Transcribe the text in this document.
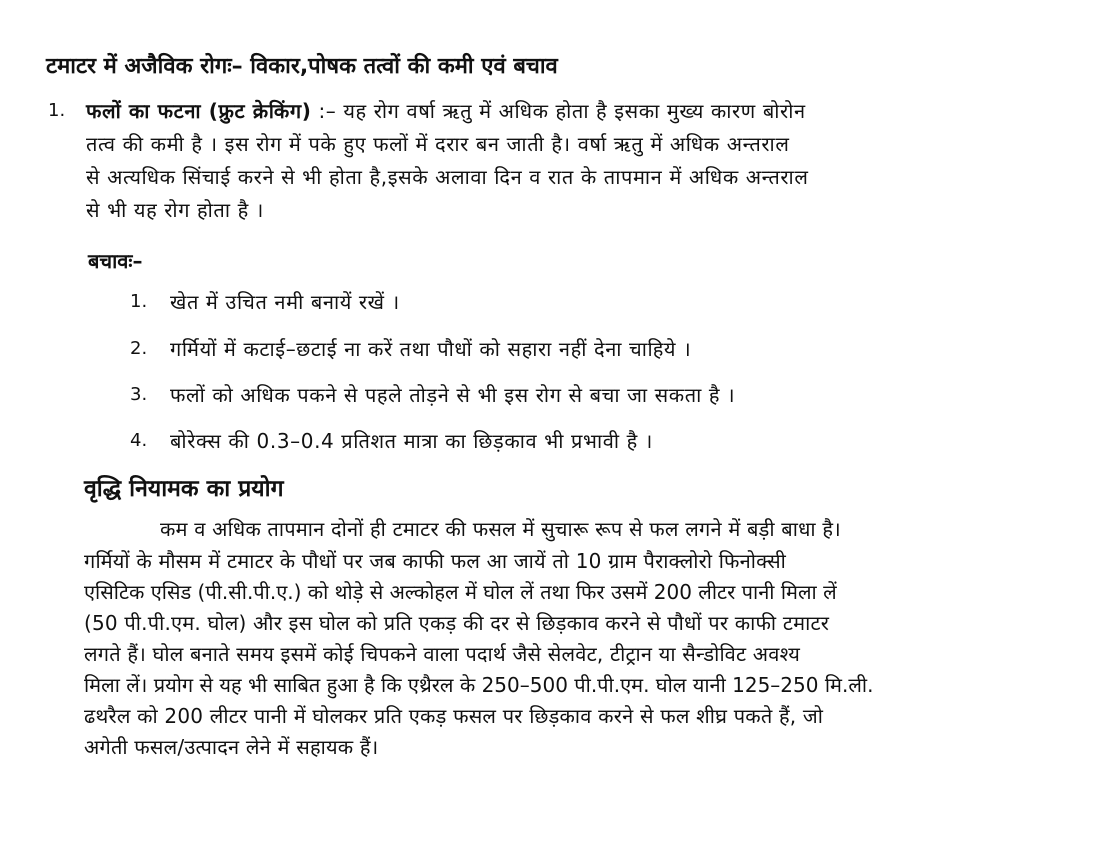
टमाटर में अजैविक रोगः– विकार,पोषक तत्वों की कमी एवं बचाव
1. फलों का फटना (फ्रुट क्रेकिंग) :– यह रोग वर्षा ऋतु में अधिक होता है इसका मुख्य कारण बोरोन
तत्व की कमी है । इस रोग में पके हुए फलों में दरार बन जाती है। वर्षा ऋतु में अधिक अन्तराल
से अत्यधिक सिंचाई करने से भी होता है,इसके अलावा दिन व रात के तापमान में अधिक अन्तराल
से भी यह रोग होता है ।
बचावः–
1. खेत में उचित नमी बनायें रखें ।
2. गर्मियों में कटाई–छटाई ना करें तथा पौधों को सहारा नहीं देना चाहिये ।
3. फलों को अधिक पकने से पहले तोड़ने से भी इस रोग से बचा जा सकता है ।
4. बोरेक्स की 0.3–0.4 प्रतिशत मात्रा का छिड़काव भी प्रभावी है ।
वृद्धि नियामक का प्रयोग
कम व अधिक तापमान दोनों ही टमाटर की फसल में सुचारू रूप से फल लगने में बड़ी बाधा है।
गर्मियों के मौसम में टमाटर के पौधों पर जब काफी फल आ जायें तो 10 ग्राम पैराक्लोरो फिनोक्सी
एसिटिक एसिड (पी.सी.पी.ए.) को थोड़े से अल्कोहल में घोल लें तथा फिर उसमें 200 लीटर पानी मिला लें
(50 पी.पी.एम. घोल) और इस घोल को प्रति एकड़ की दर से छिड़काव करने से पौधों पर काफी टमाटर
लगते हैं। घोल बनाते समय इसमें कोई चिपकने वाला पदार्थ जैसे सेलवेट, टीट्रान या सैन्डोविट अवश्य
मिला लें। प्रयोग से यह भी साबित हुआ है कि एथ्रैरल के 250–500 पी.पी.एम. घोल यानी 125–250 मि.ली.
ढथरैल को 200 लीटर पानी में घोलकर प्रति एकड़ फसल पर छिड़काव करने से फल शीघ्र पकते हैं, जो
अगेती फसल/उत्पादन लेने में सहायक हैं।
